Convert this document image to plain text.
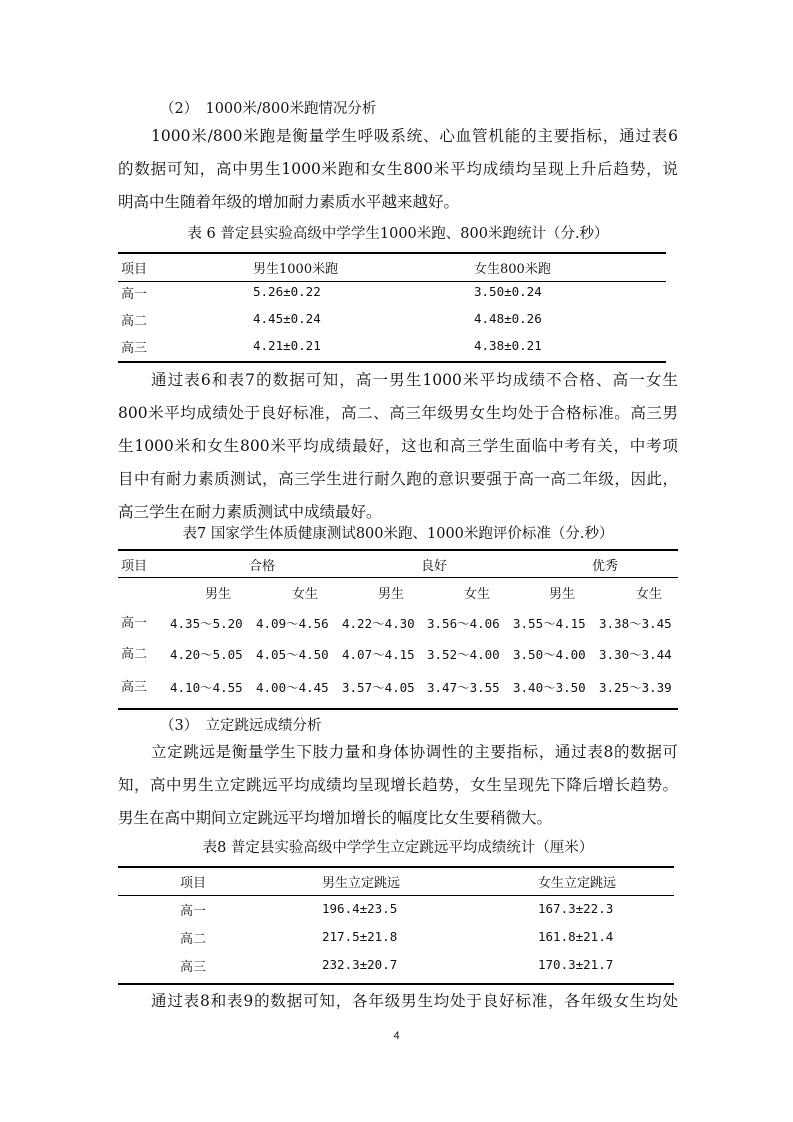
（2）　1000米/800米跑情况分析

1000米/800米跑是衡量学生呼吸系统、心血管机能的主要指标，通过表6

的数据可知，高中男生1000米跑和女生800米平均成绩均呈现上升后趋势，说

明高中生随着年级的增加耐力素质水平越来越好。

表 6 普定县实验高级中学学生1000米跑、800米跑统计（分.秒）
项目	男生1000米跑	女生800米跑
高一	5.26±0.22	3.50±0.24
高二	4.45±0.24	4.48±0.26
高三	4.21±0.21	4.38±0.21

通过表6和表7的数据可知，高一男生1000米平均成绩不合格、高一女生

800米平均成绩处于良好标准，高二、高三年级男女生均处于合格标准。高三男

生1000米和女生800米平均成绩最好，这也和高三学生面临中考有关，中考项

目中有耐力素质测试，高三学生进行耐久跑的意识要强于高一高二年级，因此，

高三学生在耐力素质测试中成绩最好。

表7 国家学生体质健康测试800米跑、1000米跑评价标准（分.秒）
项目	合格	良好	优秀
男生	女生	男生	女生	男生	女生
高一 4.35～5.20 4.09～4.56 4.22～4.30 3.56～4.06 3.55～4.15 3.38～3.45
高二 4.20～5.05 4.05～4.50 4.07～4.15 3.52～4.00 3.50～4.00 3.30～3.44
高三 4.10～4.55 4.00～4.45 3.57～4.05 3.47～3.55 3.40～3.50 3.25～3.39
（3）　立定跳远成绩分析

立定跳远是衡量学生下肢力量和身体协调性的主要指标，通过表8的数据可

知，高中男生立定跳远平均成绩均呈现增长趋势，女生呈现先下降后增长趋势。

男生在高中期间立定跳远平均增加增长的幅度比女生要稍微大。

表8 普定县实验高级中学学生立定跳远平均成绩统计（厘米）
项目	男生立定跳远	女生立定跳远
高一	196.4±23.5	167.3±22.3
高二	217.5±21.8	161.8±21.4
高三	232.3±20.7	170.3±21.7

通过表8和表9的数据可知，各年级男生均处于良好标准，各年级女生均处

4
